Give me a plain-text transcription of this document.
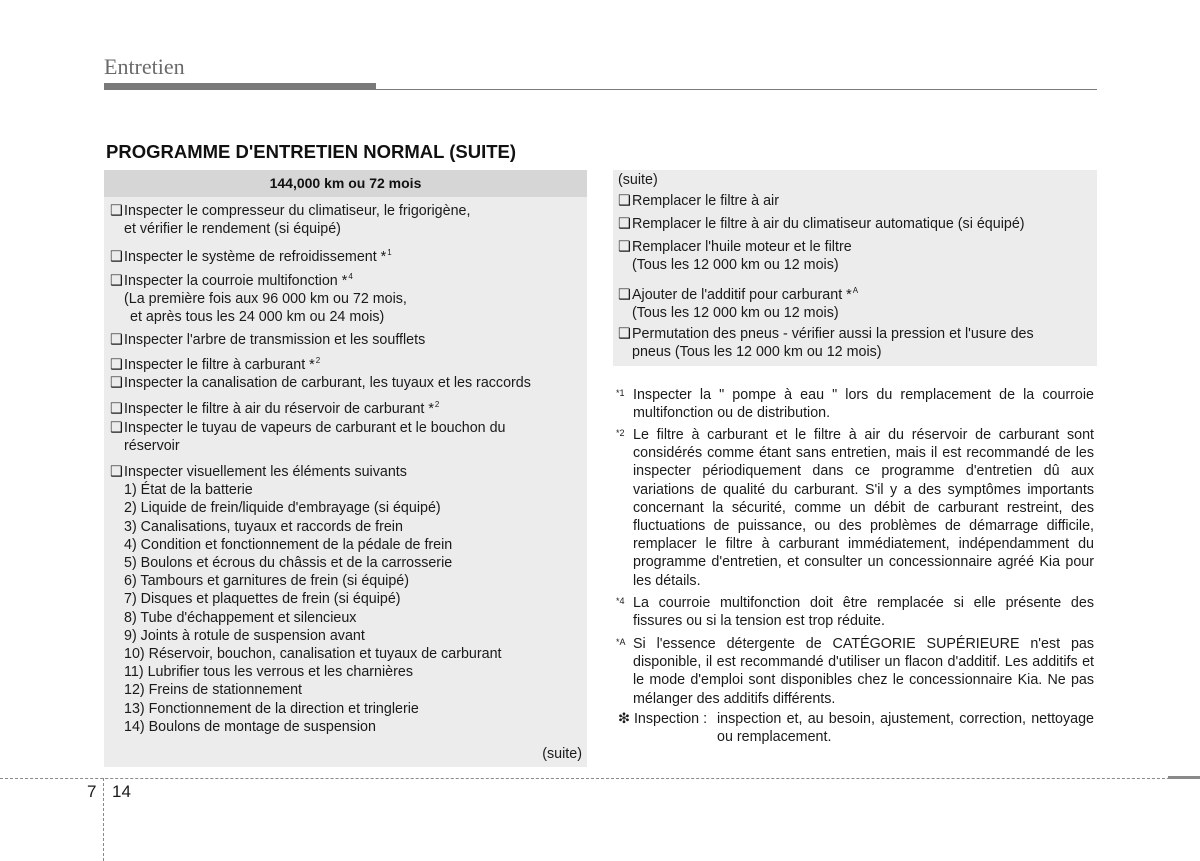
Entretien
PROGRAMME D'ENTRETIEN NORMAL (SUITE)
144,000 km ou 72 mois
❑Inspecter le compresseur du climatiseur, le frigorigène,
et vérifier le rendement (si équipé)
❑Inspecter le système de refroidissement *$^1$
❑Inspecter la courroie multifonction *$^4$
(La première fois aux 96 000 km ou 72 mois,
et après tous les 24 000 km ou 24 mois)
❑Inspecter l'arbre de transmission et les soufflets
❑Inspecter le filtre à carburant *$^2$
❑Inspecter la canalisation de carburant, les tuyaux et les raccords
❑Inspecter le filtre à air du réservoir de carburant *$^2$
❑Inspecter le tuyau de vapeurs de carburant et le bouchon du
réservoir
❑Inspecter visuellement les éléments suivants
1) État de la batterie
2) Liquide de frein/liquide d'embrayage (si équipé)
3) Canalisations, tuyaux et raccords de frein
4) Condition et fonctionnement de la pédale de frein
5) Boulons et écrous du châssis et de la carrosserie
6) Tambours et garnitures de frein (si équipé)
7) Disques et plaquettes de frein (si équipé)
8) Tube d'échappement et silencieux
9) Joints à rotule de suspension avant
10) Réservoir, bouchon, canalisation et tuyaux de carburant
11) Lubrifier tous les verrous et les charnières
12) Freins de stationnement
13) Fonctionnement de la direction et tringlerie
14) Boulons de montage de suspension
(suite)
(suite)
❑Remplacer le filtre à air
❑Remplacer le filtre à air du climatiseur automatique (si équipé)
❑Remplacer l'huile moteur et le filtre
(Tous les 12 000 km ou 12 mois)
❑Ajouter de l'additif pour carburant *$^A$
(Tous les 12 000 km ou 12 mois)
❑Permutation des pneus - vérifier aussi la pression et l'usure des
pneus (Tous les 12 000 km ou 12 mois)
*1 Inspecter la " pompe à eau " lors du remplacement de la courroie multifonction ou de distribution.
*2 Le filtre à carburant et le filtre à air du réservoir de carburant sont considérés comme étant sans entretien, mais il est recommandé de les inspecter périodiquement dans ce programme d'entretien dû aux variations de qualité du carburant. S'il y a des symptômes importants concernant la sécurité, comme un débit de carburant restreint, des fluctuations de puissance, ou des problèmes de démarrage difficile, remplacer le filtre à carburant immédiatement, indépendamment du programme d'entretien, et consulter un concessionnaire agréé Kia pour les détails.
*4 La courroie multifonction doit être remplacée si elle présente des fissures ou si la tension est trop réduite.
*A Si l'essence détergente de CATÉGORIE SUPÉRIEURE n'est pas disponible, il est recommandé d'utiliser un flacon d'additif. Les additifs et le mode d'emploi sont disponibles chez le concessionnaire Kia. Ne pas mélanger des additifs différents.
❇ Inspection : inspection et, au besoin, ajustement, correction, nettoyage ou remplacement.
7 14
